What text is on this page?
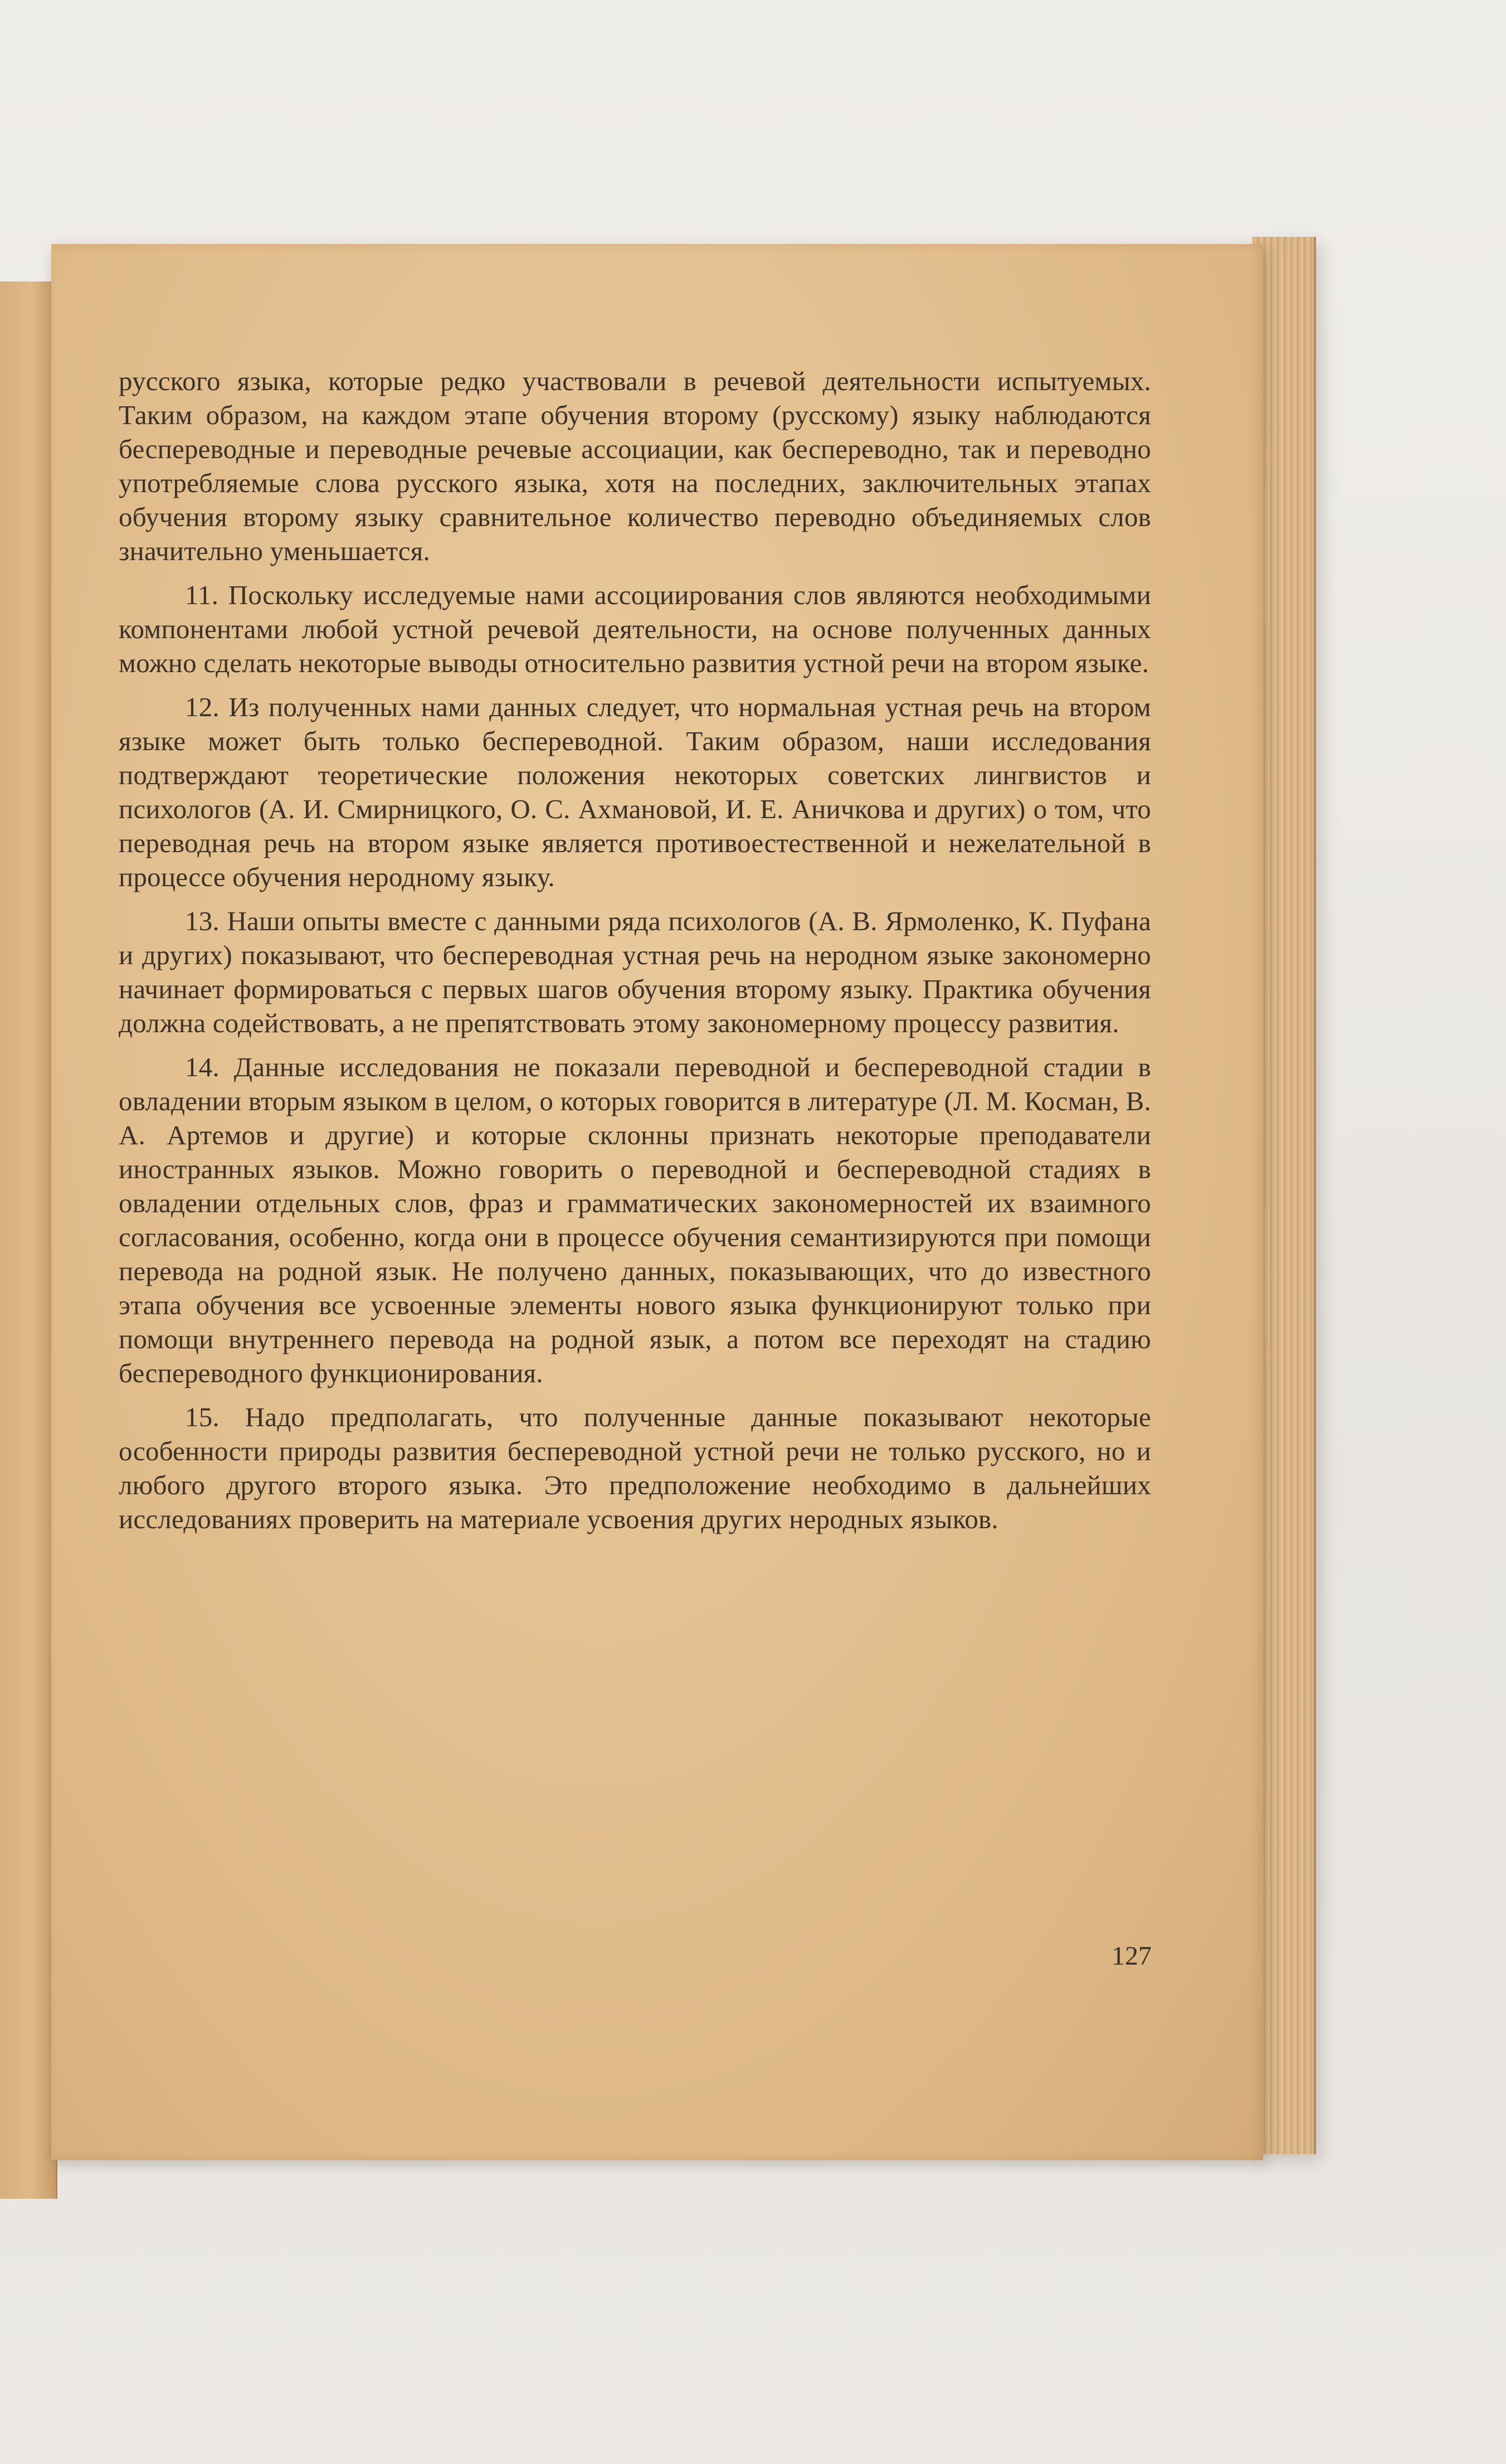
русского языка, которые редко участвовали в речевой деятельности испытуемых. Таким образом, на каждом этапе обучения второму (русскому) языку наблюдаются беспереводные и переводные речевые ассоциации, как беспереводно, так и переводно употребляемые слова русского языка, хотя на последних, заключительных этапах обучения второму языку сравнительное количество переводно объединяемых слов значительно уменьшается.

11. Поскольку исследуемые нами ассоциирования слов являются необходимыми компонентами любой устной речевой деятельности, на основе полученных данных можно сделать некоторые выводы относительно развития устной речи на втором языке.

12. Из полученных нами данных следует, что нормальная устная речь на втором языке может быть только беспереводной. Таким образом, наши исследования подтверждают теоретические положения некоторых советских лингвистов и психологов (А. И. Смирницкого, О. С. Ахмановой, И. Е. Аничкова и других) о том, что переводная речь на втором языке является противоестественной и нежелательной в процессе обучения неродному языку.

13. Наши опыты вместе с данными ряда психологов (А. В. Ярмоленко, К. Пуфана и других) показывают, что беспереводная устная речь на неродном языке закономерно начинает формироваться с первых шагов обучения второму языку. Практика обучения должна содействовать, а не препятствовать этому закономерному процессу развития.

14. Данные исследования не показали переводной и беспереводной стадии в овладении вторым языком в целом, о которых говорится в литературе (Л. М. Косман, В. А. Артемов и другие) и которые склонны признать некоторые преподаватели иностранных языков. Можно говорить о переводной и беспереводной стадиях в овладении отдельных слов, фраз и грамматических закономерностей их взаимного согласования, особенно, когда они в процессе обучения семантизируются при помощи перевода на родной язык. Не получено данных, показывающих, что до известного этапа обучения все усвоенные элементы нового языка функционируют только при помощи внутреннего перевода на родной язык, а потом все переходят на стадию беспереводного функционирования.

15. Надо предполагать, что полученные данные показывают некоторые особенности природы развития беспереводной устной речи не только русского, но и любого другого второго языка. Это предположение необходимо в дальнейших исследованиях проверить на материале усвоения других неродных языков.

127
